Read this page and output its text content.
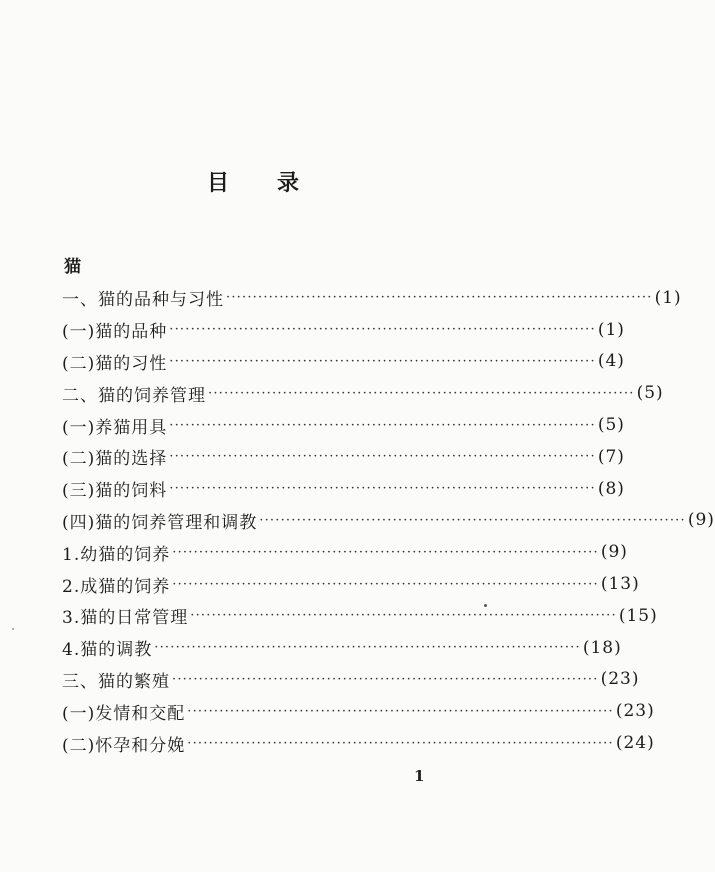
目 录
猫
一、猫的品种与习性 ················································································ (1)
(一)猫的品种 ················································································ (1)
(二)猫的习性 ················································································ (4)
二、猫的饲养管理 ················································································ (5)
(一)养猫用具 ················································································ (5)
(二)猫的选择 ················································································ (7)
(三)猫的饲料 ················································································ (8)
(四)猫的饲养管理和调教 ················································································ (9)
1.幼猫的饲养 ················································································ (9)
2.成猫的饲养 ················································································ (13)
3.猫的日常管理 ················································································ (15)
4.猫的调教 ················································································ (18)
三、猫的繁殖 ················································································ (23)
(一)发情和交配 ················································································ (23)
(二)怀孕和分娩 ················································································ (24)
1
